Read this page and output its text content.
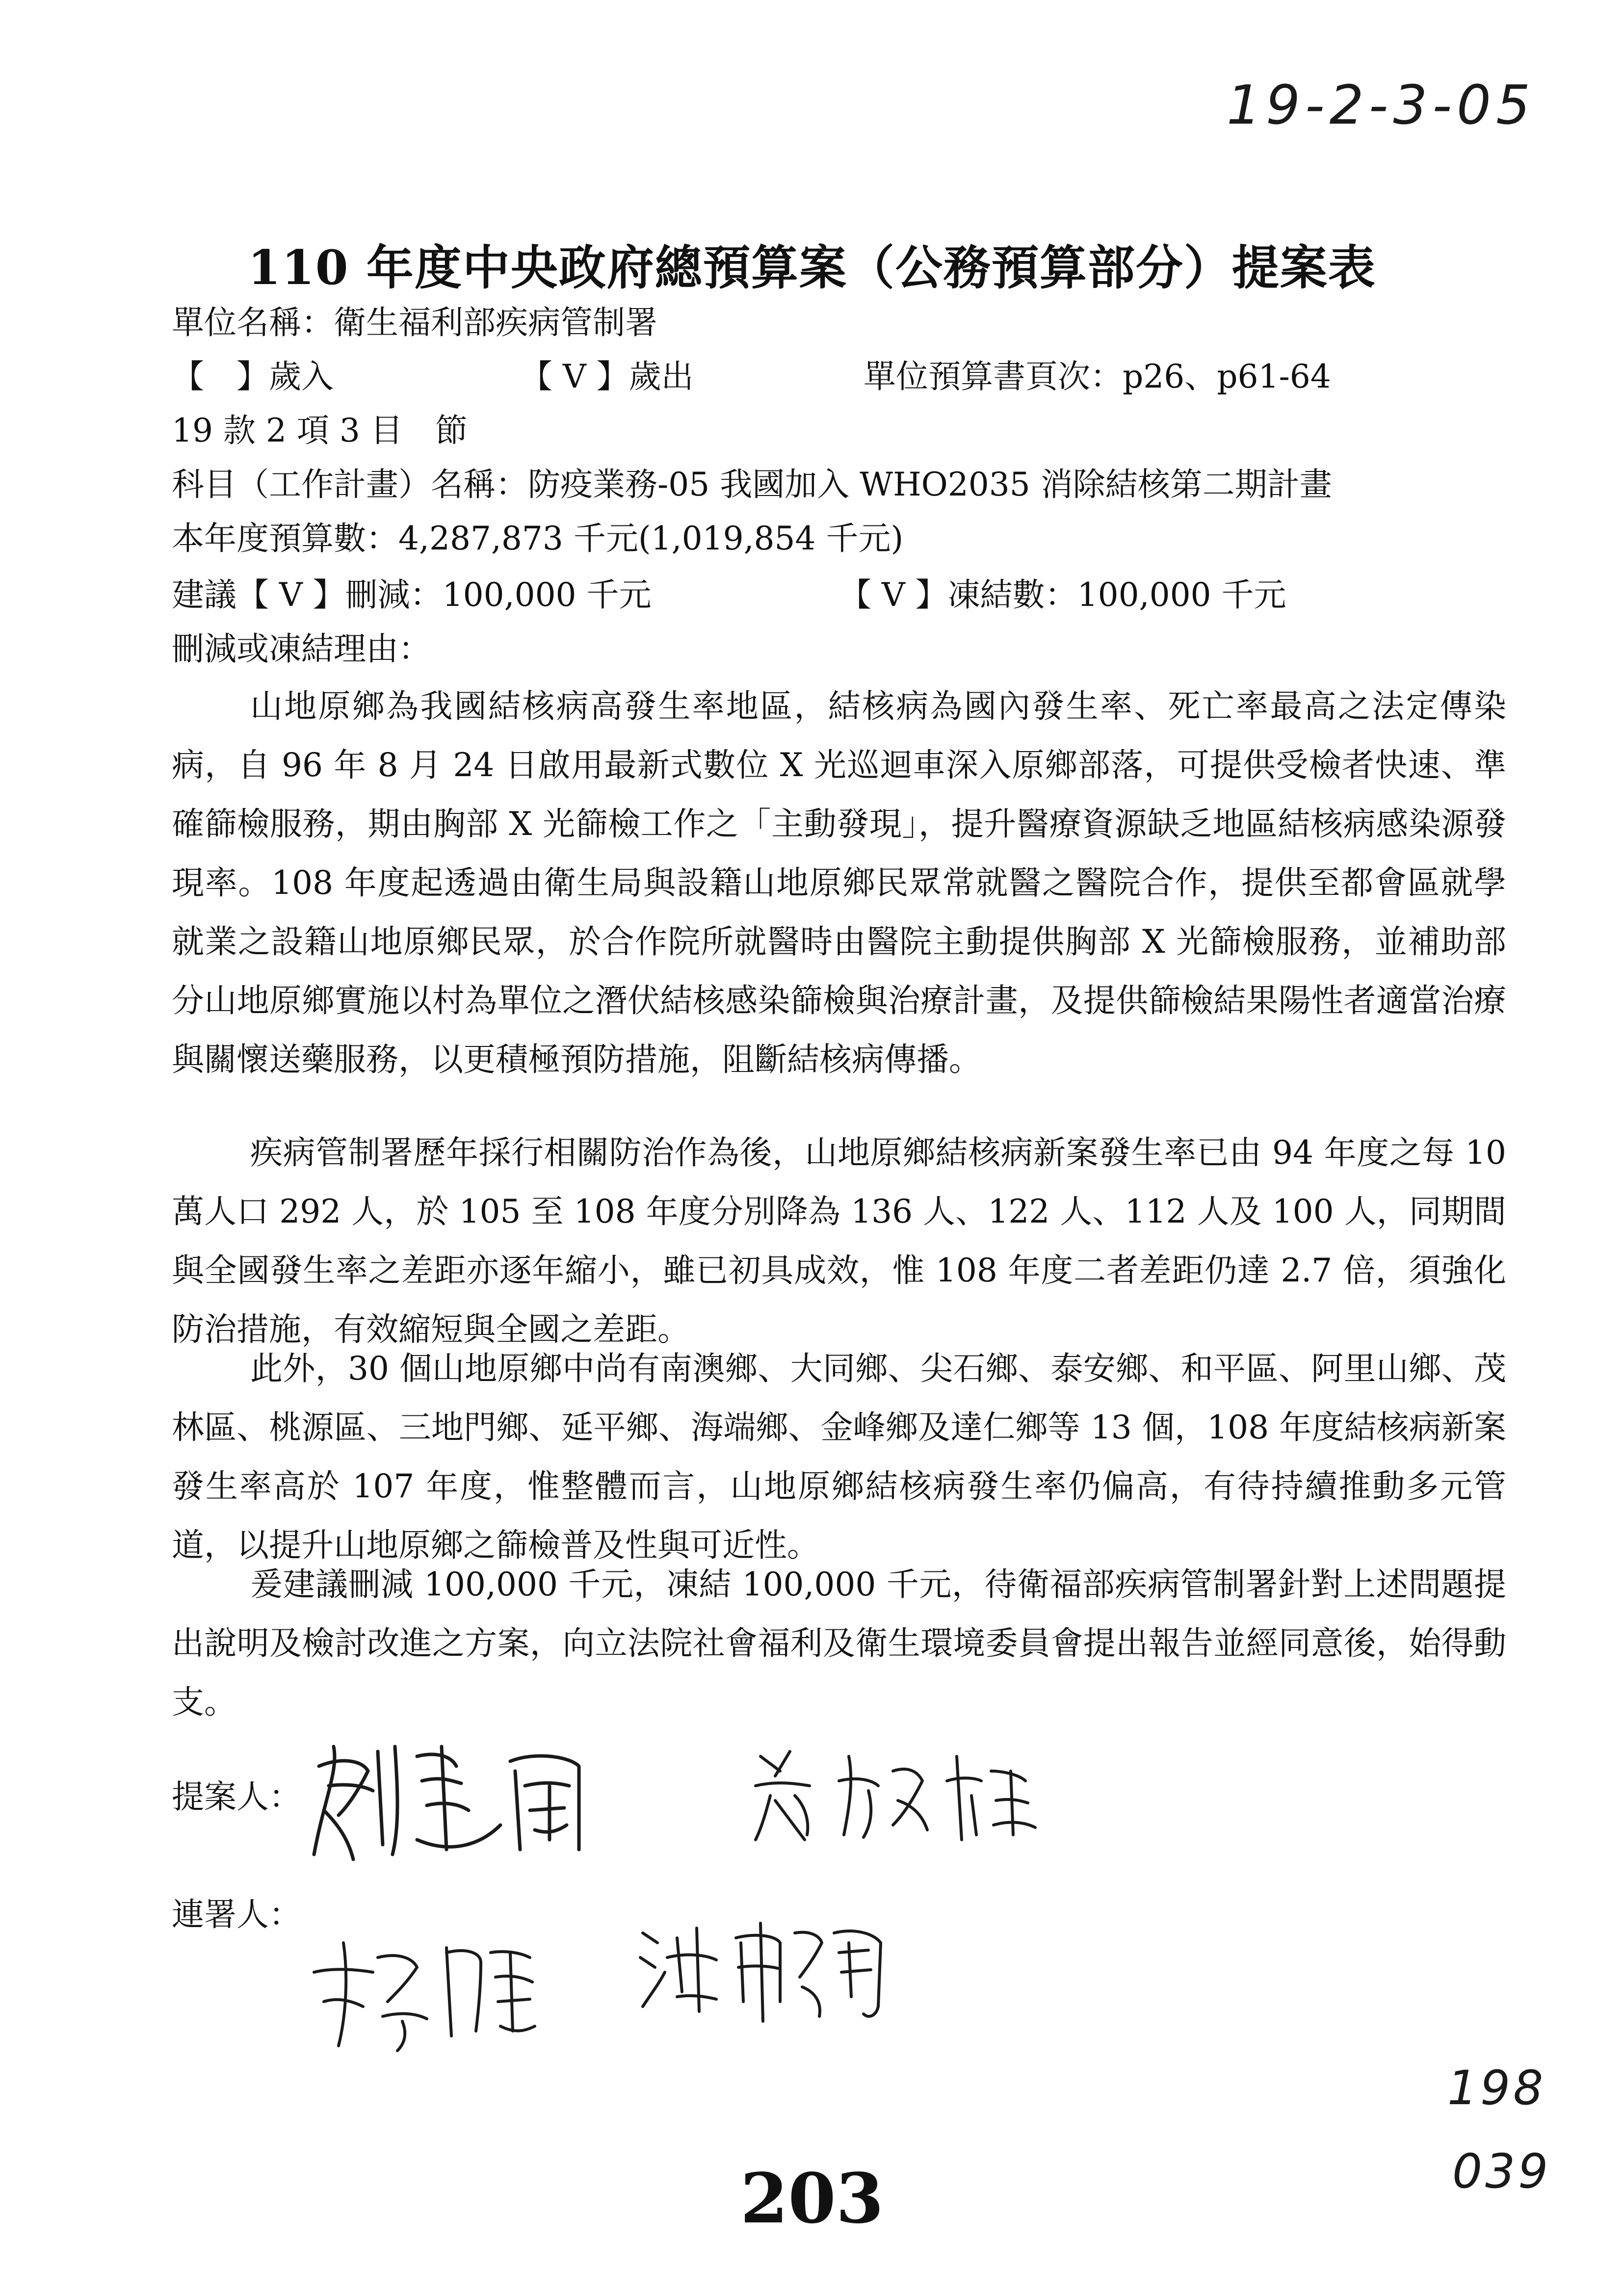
19-2-3-05
110 年度中央政府總預算案（公務預算部分）提案表
單位名稱：衛生福利部疾病管制署
【　】歲入	【 V 】歲出	單位預算書頁次：p26、p61-64
19 款 2 項 3 目　節
科目（工作計畫）名稱：防疫業務-05 我國加入 WHO2035 消除結核第二期計畫
本年度預算數：4,287,873 千元(1,019,854 千元)
建議【 V 】刪減：100,000 千元	【 V 】凍結數：100,000 千元
刪減或凍結理由：
山地原鄉為我國結核病高發生率地區，結核病為國內發生率、死亡率最高之法定傳染病，自 96 年 8 月 24 日啟用最新式數位 X 光巡迴車深入原鄉部落，可提供受檢者快速、準確篩檢服務，期由胸部 X 光篩檢工作之「主動發現」，提升醫療資源缺乏地區結核病感染源發現率。108 年度起透過由衛生局與設籍山地原鄉民眾常就醫之醫院合作，提供至都會區就學就業之設籍山地原鄉民眾，於合作院所就醫時由醫院主動提供胸部 X 光篩檢服務，並補助部分山地原鄉實施以村為單位之潛伏結核感染篩檢與治療計畫，及提供篩檢結果陽性者適當治療與關懷送藥服務，以更積極預防措施，阻斷結核病傳播。
疾病管制署歷年採行相關防治作為後，山地原鄉結核病新案發生率已由 94 年度之每 10 萬人口 292 人，於 105 至 108 年度分別降為 136 人、122 人、112 人及 100 人，同期間與全國發生率之差距亦逐年縮小，雖已初具成效，惟 108 年度二者差距仍達 2.7 倍，須強化防治措施，有效縮短與全國之差距。
此外，30 個山地原鄉中尚有南澳鄉、大同鄉、尖石鄉、泰安鄉、和平區、阿里山鄉、茂林區、桃源區、三地門鄉、延平鄉、海端鄉、金峰鄉及達仁鄉等 13 個，108 年度結核病新案發生率高於 107 年度，惟整體而言，山地原鄉結核病發生率仍偏高，有待持續推動多元管道，以提升山地原鄉之篩檢普及性與可近性。
爰建議刪減 100,000 千元，凍結 100,000 千元，待衛福部疾病管制署針對上述問題提出說明及檢討改進之方案，向立法院社會福利及衛生環境委員會提出報告並經同意後，始得動支。
提案人：
連署人：
198
039
203
